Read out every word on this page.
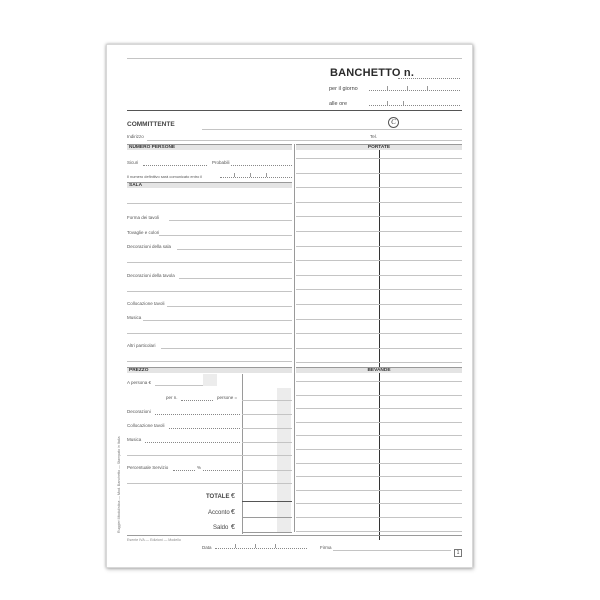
BANCHETTO n.
per il giorno
alle ore
COMMITTENTE	C
Indirizzo	Tel.
NUMERO PERSONE	PORTATE
Sicuri	Probabili
Il numero definitivo sarà comunicato entro il
SALA
Forma dei tavoli
Tovaglie e colori
Decorazioni della sala
Decorazioni della tavola
Collocazione tavoli
Musica
Altri particolari
PREZZO	BEVANDE
A persona €
per n.	persone =
Decorazioni
Collocazione tavoli
Musica
Percentuale Servizio	%
TOTALE €
Acconto €
Saldo €
Esente IVA — Edizioni — Modello
Data	Firma
1
Ruggieri Modulistica — Mod. Banchetto — Stampato in Italia
